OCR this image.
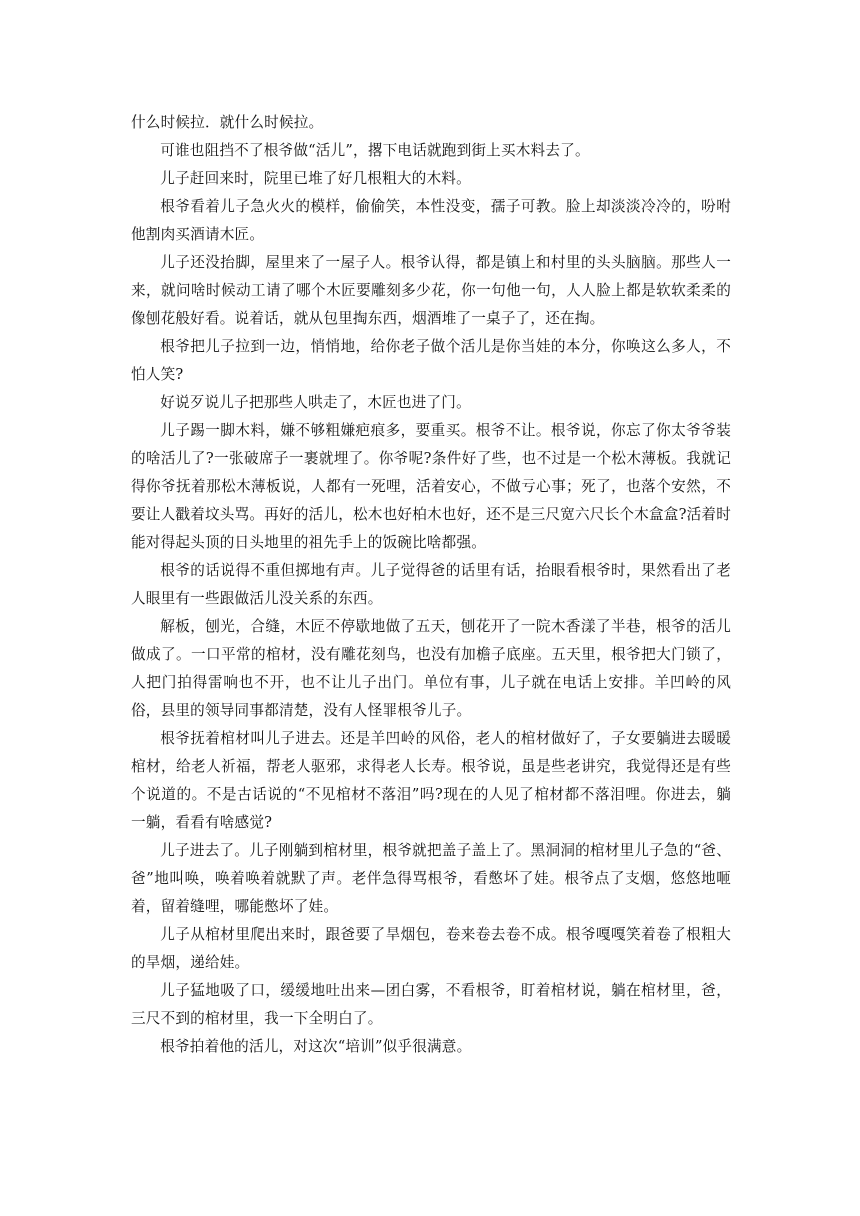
什么时候拉．就什么时候拉。

可谁也阻挡不了根爷做“活儿”，撂下电话就跑到街上买木料去了。

儿子赶回来时，院里已堆了好几根粗大的木料。

根爷看着儿子急火火的模样，偷偷笑，本性没变，孺子可教。脸上却淡淡冷冷的，吩咐他割肉买酒请木匠。

儿子还没抬脚，屋里来了一屋子人。根爷认得，都是镇上和村里的头头脑脑。那些人一来，就问啥时候动工请了哪个木匠要雕刻多少花，你一句他一句，人人脸上都是软软柔柔的像刨花般好看。说着话，就从包里掏东西，烟酒堆了一桌子了，还在掏。

根爷把儿子拉到一边，悄悄地，给你老子做个活儿是你当娃的本分，你唤这么多人，不怕人笑?

好说歹说儿子把那些人哄走了，木匠也进了门。

儿子踢一脚木料，嫌不够粗嫌疤痕多，要重买。根爷不让。根爷说，你忘了你太爷爷装的啥活儿了?一张破席子一裹就埋了。你爷呢?条件好了些，也不过是一个松木薄板。我就记得你爷抚着那松木薄板说，人都有一死哩，活着安心，不做亏心事；死了，也落个安然，不要让人戳着坟头骂。再好的活儿，松木也好柏木也好，还不是三尺宽六尺长个木盒盒?活着时能对得起头顶的日头地里的祖先手上的饭碗比啥都强。

根爷的话说得不重但掷地有声。儿子觉得爸的话里有话，抬眼看根爷时，果然看出了老人眼里有一些跟做活儿没关系的东西。

解板，刨光，合缝，木匠不停歇地做了五天，刨花开了一院木香漾了半巷，根爷的活儿做成了。一口平常的棺材，没有雕花刻鸟，也没有加檐子底座。五天里，根爷把大门锁了，人把门拍得雷响也不开，也不让儿子出门。单位有事，儿子就在电话上安排。羊凹岭的风俗，县里的领导同事都清楚，没有人怪罪根爷儿子。

根爷抚着棺材叫儿子进去。还是羊凹岭的风俗，老人的棺材做好了，子女要躺进去暖暖棺材，给老人祈福，帮老人驱邪，求得老人长寿。根爷说，虽是些老讲究，我觉得还是有些个说道的。不是古话说的“不见棺材不落泪”吗?现在的人见了棺材都不落泪哩。你进去，躺一躺，看看有啥感觉?

儿子进去了。儿子刚躺到棺材里，根爷就把盖子盖上了。黑洞洞的棺材里儿子急的“爸、爸”地叫唤，唤着唤着就默了声。老伴急得骂根爷，看憋坏了娃。根爷点了支烟，悠悠地咂着，留着缝哩，哪能憋坏了娃。

儿子从棺材里爬出来时，跟爸要了旱烟包，卷来卷去卷不成。根爷嘎嘎笑着卷了根粗大的旱烟，递给娃。

儿子猛地吸了口，缓缓地吐出来—团白雾，不看根爷，盯着棺材说，躺在棺材里，爸，三尺不到的棺材里，我一下全明白了。

根爷拍着他的活儿，对这次“培训”似乎很满意。
